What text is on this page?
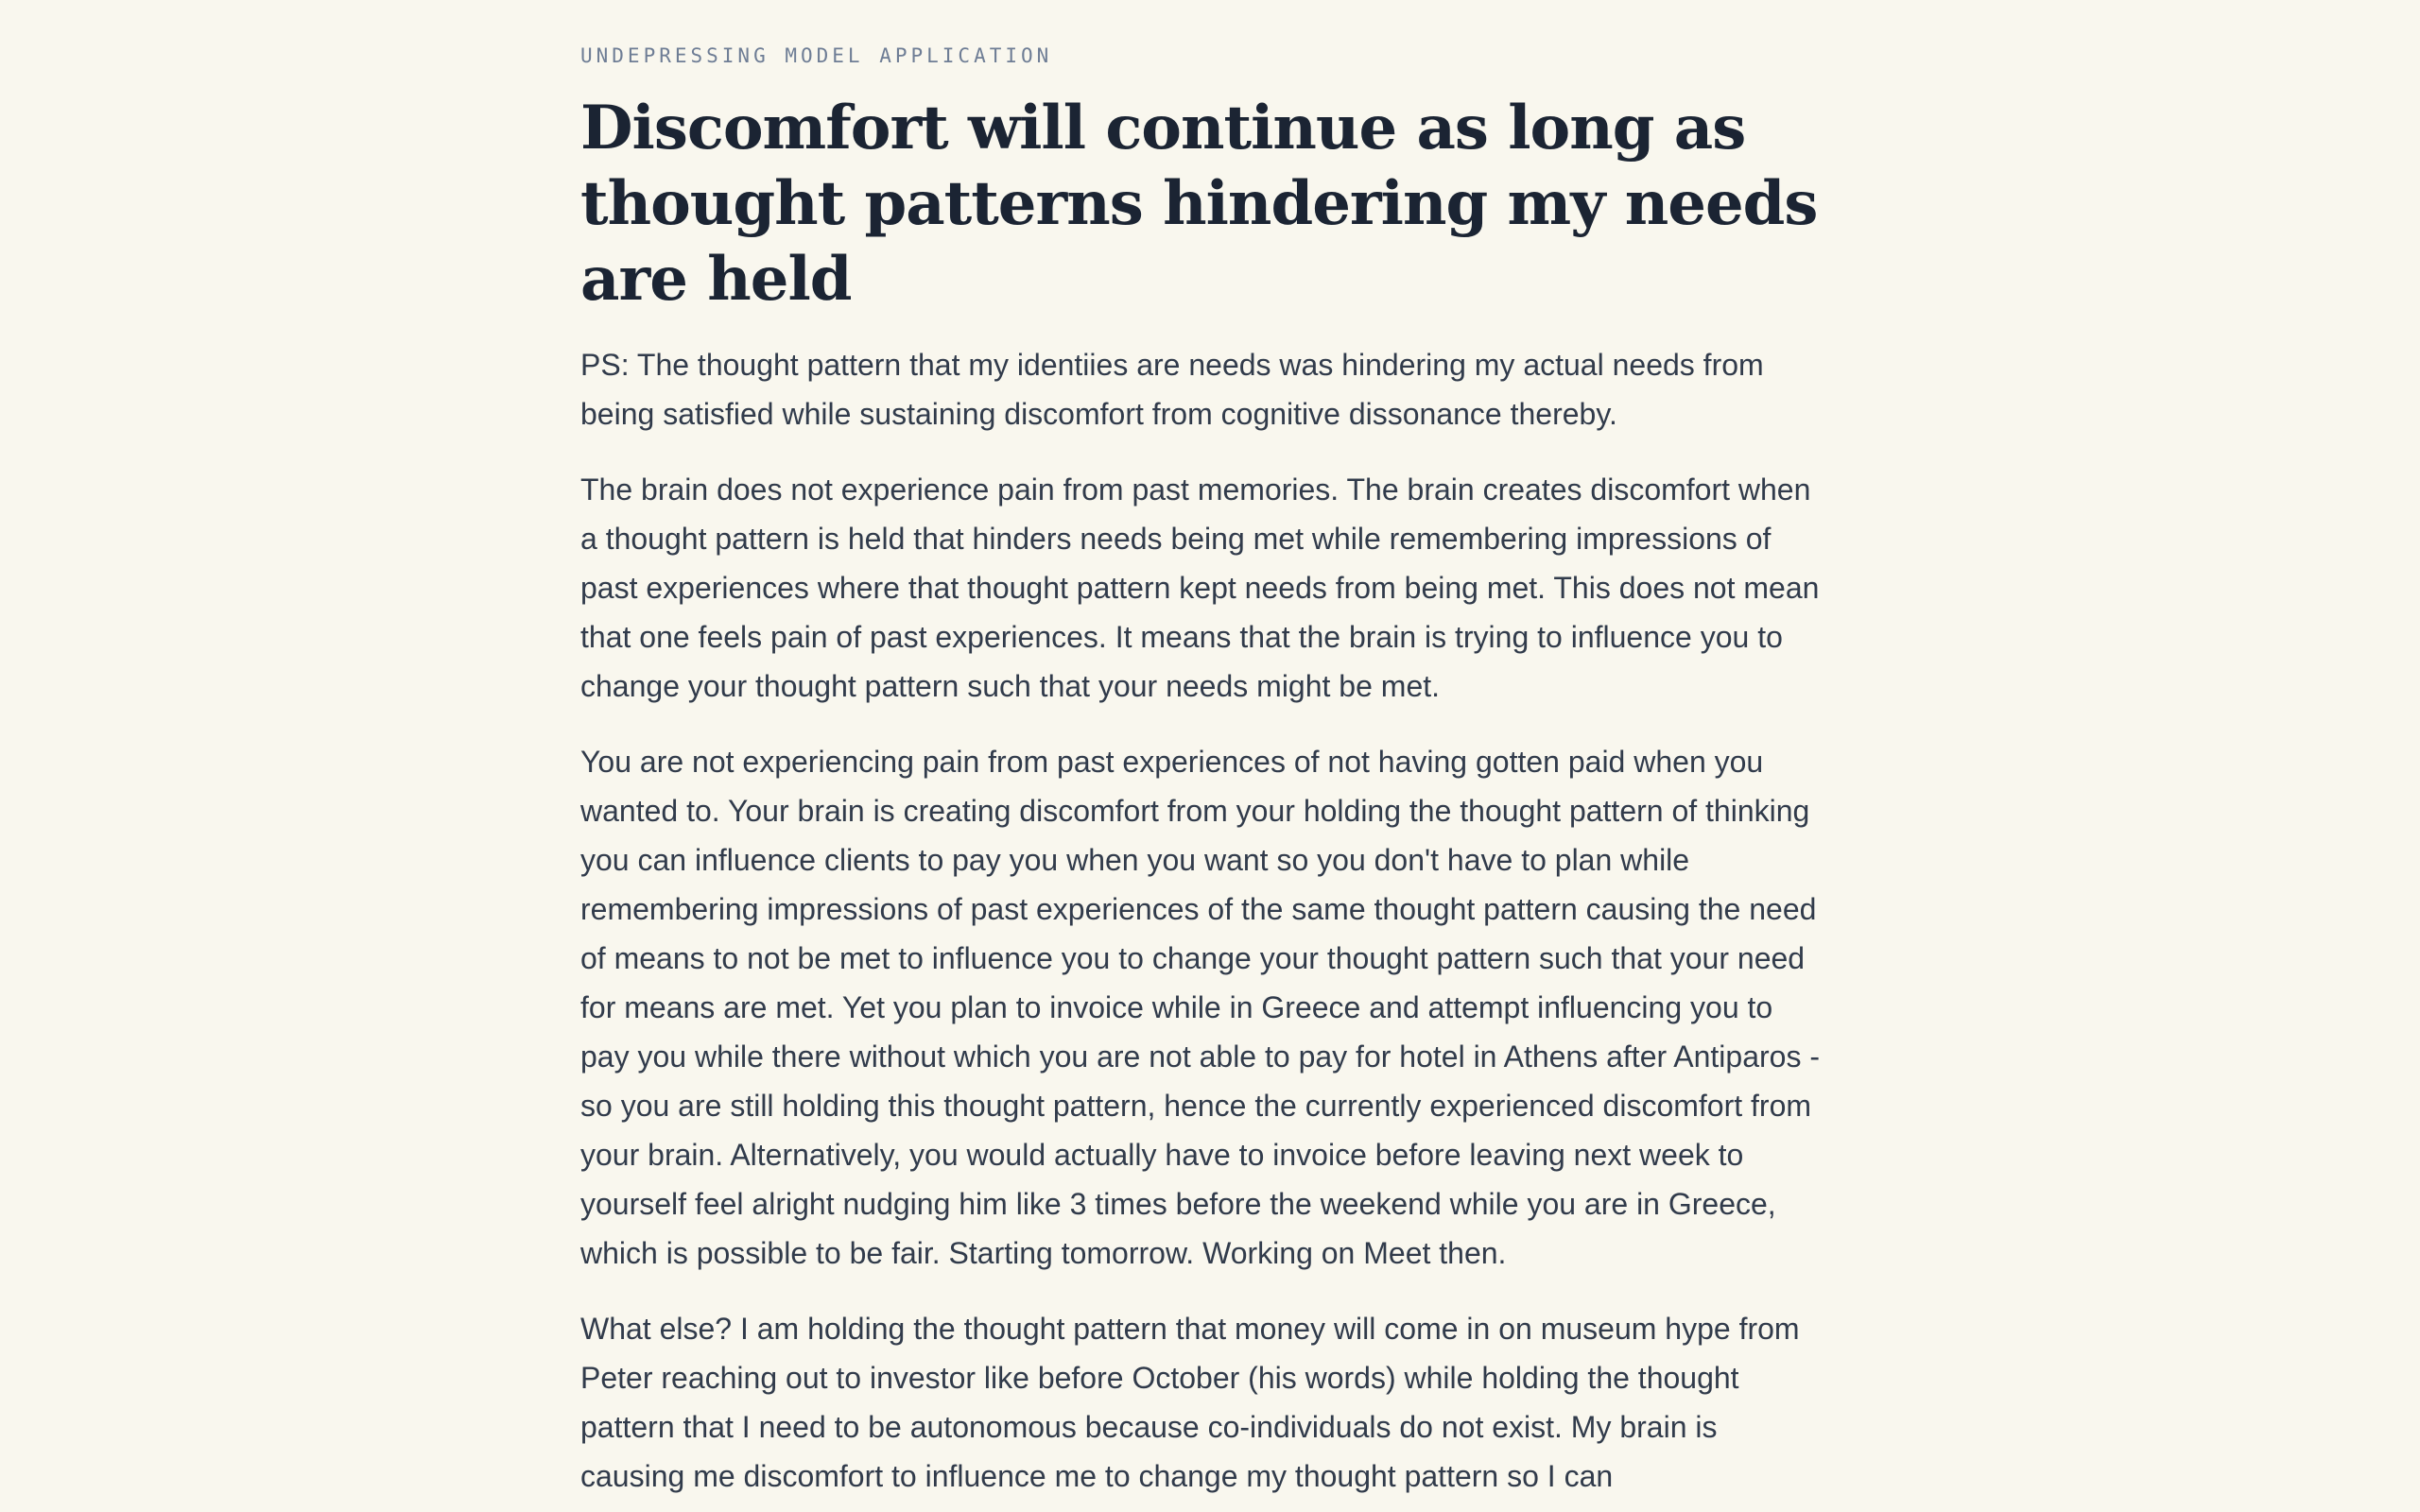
UNDEPRESSING MODEL APPLICATION

Discomfort will continue as long as thought patterns hindering my needs are held

PS: The thought pattern that my identiies are needs was hindering my actual needs from being satisfied while sustaining discomfort from cognitive dissonance thereby.

The brain does not experience pain from past memories. The brain creates discomfort when a thought pattern is held that hinders needs being met while remembering impressions of past experiences where that thought pattern kept needs from being met. This does not mean that one feels pain of past experiences. It means that the brain is trying to influence you to change your thought pattern such that your needs might be met.

You are not experiencing pain from past experiences of not having gotten paid when you wanted to. Your brain is creating discomfort from your holding the thought pattern of thinking you can influence clients to pay you when you want so you don't have to plan while remembering impressions of past experiences of the same thought pattern causing the need of means to not be met to influence you to change your thought pattern such that your need for means are met. Yet you plan to invoice while in Greece and attempt influencing you to pay you while there without which you are not able to pay for hotel in Athens after Antiparos - so you are still holding this thought pattern, hence the currently experienced discomfort from your brain. Alternatively, you would actually have to invoice before leaving next week to yourself feel alright nudging him like 3 times before the weekend while you are in Greece, which is possible to be fair. Starting tomorrow. Working on Meet then.

What else? I am holding the thought pattern that money will come in on museum hype from Peter reaching out to investor like before October (his words) while holding the thought pattern that I need to be autonomous because co-individuals do not exist. My brain is causing me discomfort to influence me to change my thought pattern so I can
